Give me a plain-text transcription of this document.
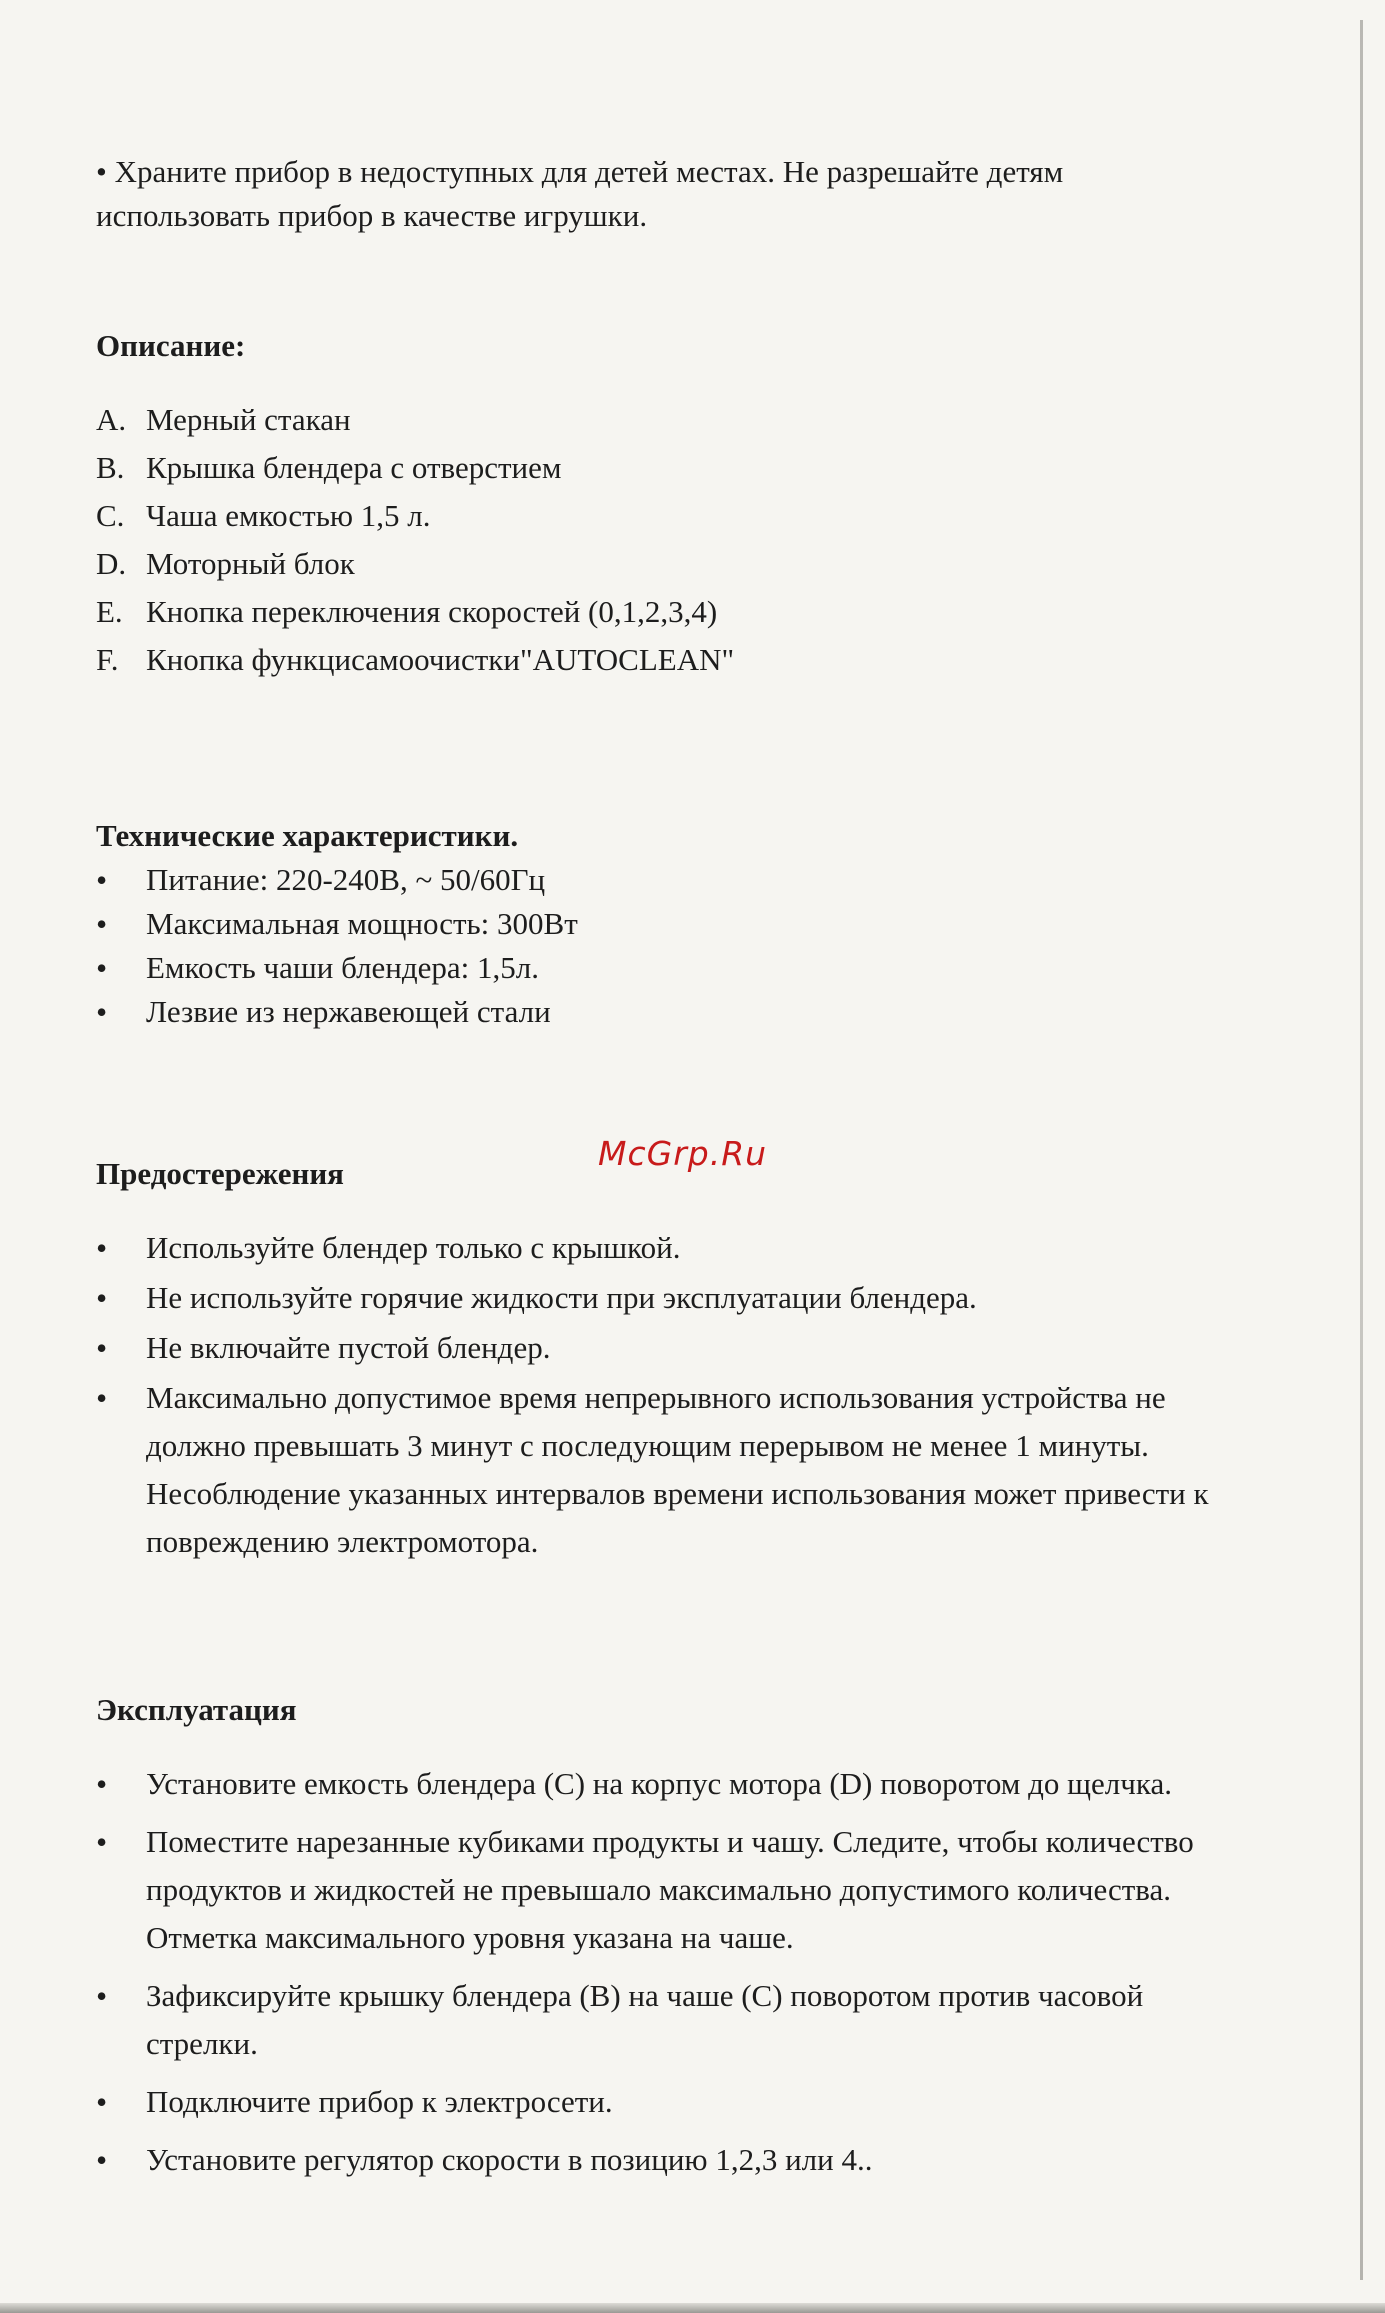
• Храните прибор в недоступных для детей местах. Не разрешайте детям использовать прибор в качестве игрушки.

Описание:
A. Мерный стакан
B. Крышка блендера с отверстием
C. Чаша емкостью 1,5 л.
D. Моторный блок
E. Кнопка переключения скоростей (0,1,2,3,4)
F. Кнопка функцисамоочистки"AUTOCLEAN"
Технические характеристики.
• Питание: 220-240В, ~ 50/60Гц
• Максимальная мощность: 300Вт
• Емкость чаши блендера: 1,5л.
• Лезвие из нержавеющей стали
Предостережения
• Используйте блендер только с крышкой.
• Не используйте горячие жидкости при эксплуатации блендера.
• Не включайте пустой блендер.
• Максимально допустимое время непрерывного использования устройства не должно превышать 3 минут с последующим перерывом не менее 1 минуты. Несоблюдение указанных интервалов времени использования может привести к повреждению электромотора.
Эксплуатация
• Установите емкость блендера (С) на корпус мотора (D) поворотом до щелчка.
• Поместите нарезанные кубиками продукты и чашу. Следите, чтобы количество продуктов и жидкостей не превышало максимально допустимого количества. Отметка максимального уровня указана на чаше.
• Зафиксируйте крышку блендера (В) на чаше (С) поворотом против часовой стрелки.
• Подключите прибор к электросети.
• Установите регулятор скорости в позицию 1,2,3 или 4..
McGrp.Ru
